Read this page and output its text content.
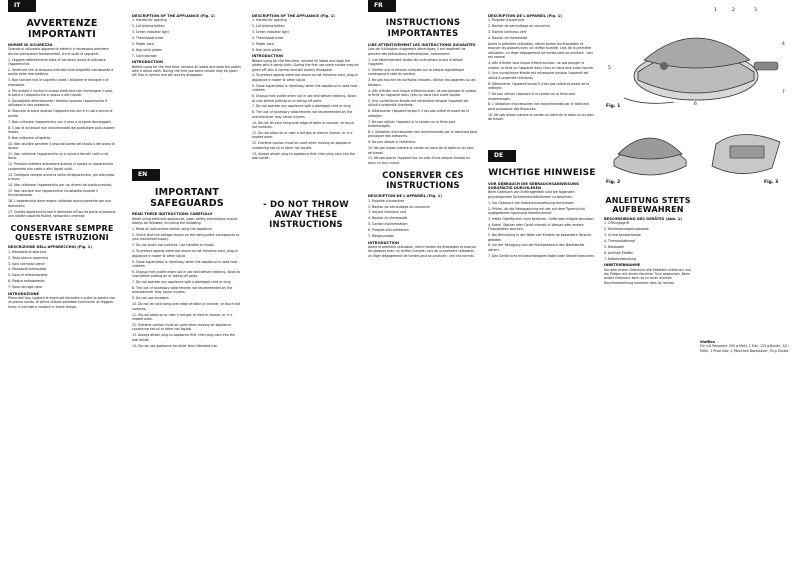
IT
AVVERTENZE IMPORTANTI
NORME DI SICUREZZA

Quando si utilizzano apparecchi elettrici è necessario prendere alcune precauzioni fondamentali, tra le quali le seguenti:

1. Leggere attentamente tutte le istruzioni prima di utilizzare l'apparecchio.

2. Verificare che la tensione indicata sulla targhetta corrisponda a quella della rete elettrica.

3. Non toccare mai le superfici calde. Utilizzare le maniglie o le manopole.

4. Per evitare il rischio di scosse elettriche non immergere il cavo, la spina o l'apparecchio in acqua o altri liquidi.

5. Sorvegliare attentamente i bambini quando l'apparecchio è utilizzato in loro presenza.

6. Staccare la spina quando l'apparecchio non è in uso e prima di pulirlo.

7. Non utilizzare l'apparecchio con il cavo o la spina danneggiati.

8. L'uso di accessori non raccomandati dal produttore può causare lesioni.

9. Non utilizzare all'aperto.

10. Non lasciare pendere il cavo dal bordo del tavolo o del piano di lavoro.

11. Non collocare l'apparecchio su o vicino a fornelli caldi o nel forno.

12. Prestare estrema attenzione quando si sposta un apparecchio contenente olio caldo o altri liquidi caldi.

13. Collegare sempre prima la spina all'apparecchio, poi alla presa a muro.

14. Non utilizzare l'apparecchio per usi diversi da quello previsto.

15. Non lasciare mai l'apparecchio incustodito durante il funzionamento.

16. L'apparecchio deve essere utilizzato esclusivamente per uso domestico.

17. Questo apparecchio non è destinato all'uso da parte di persone con ridotte capacità fisiche, sensoriali o mentali.

CONSERVARE SEMPRE QUESTE ISTRUZIONI
DESCRIZIONE DELL'APPARECCHIO (Fig. 1)

1. Manopola di apertura

2. Tasto blocco coperchio

3. Spia luminosa verde

4. Manopola termostato

5. Cavo di alimentazione

6. Piastra antiaderente

7. Vano raccogli cavo

INTRODUZIONE

Prima dell'uso, togliere le eventuali etichette e pulire le piastre con un panno umido. Al primo utilizzo potrebbe fuoriuscire un leggero fumo: è normale e cesserà in breve tempo.

DESCRIPTION OF THE APPLIANCE (Fig. 1)

1. Handle for opening

2. Lid locking button

3. Green indicator light

4. Thermostat knob

5. Power cord

6. Non-stick plates

7. Cord storage

INTRODUCTION

Before using for the first time, remove all labels and wipe the plates with a damp cloth. During the first use some smoke may be given off: this is normal and will quickly disappear.

EN
IMPORTANT SAFEGUARDS
READ THESE INSTRUCTIONS CAREFULLY

When using electrical appliances, basic safety precautions should always be followed, including the following:

1. Read all instructions before using the appliance.

2. Check that the voltage shown on the rating plate corresponds to your household supply.

3. Do not touch hot surfaces. Use handles or knobs.

4. To protect against electrical shock do not immerse cord, plug or appliance in water or other liquid.

5. Close supervision is necessary when the appliance is used near children.

6. Unplug from outlet when not in use and before cleaning. Allow to cool before putting on or taking off parts.

7. Do not operate any appliance with a damaged cord or plug.

8. The use of accessory attachments not recommended by the manufacturer may cause injuries.

9. Do not use outdoors.

10. Do not let cord hang over edge of table or counter, or touch hot surfaces.

11. Do not place on or near a hot gas or electric burner, or in a heated oven.

12. Extreme caution must be used when moving an appliance containing hot oil or other hot liquids.

13. Always attach plug to appliance first, then plug cord into the wall outlet.

14. Do not use appliance for other than intended use.

DESCRIPTION OF THE APPLIANCE (Fig. 1)

1. Handle for opening

2. Lid locking button

3. Green indicator light

4. Thermostat knob

5. Power cord

6. Non-stick plates

INTRODUCTION

Before using for the first time, remove all labels and wipe the plates with a damp cloth. During the first use some smoke may be given off: this is normal and will quickly disappear.

4. To protect against electrical shock do not immerse cord, plug or appliance in water or other liquid.

5. Close supervision is necessary when the appliance is used near children.

6. Unplug from outlet when not in use and before cleaning. Allow to cool before putting on or taking off parts.

7. Do not operate any appliance with a damaged cord or plug.

8. The use of accessory attachments not recommended by the manufacturer may cause injuries.

10. Do not let cord hang over edge of table or counter, or touch hot surfaces.

11. Do not place on or near a hot gas or electric burner, or in a heated oven.

12. Extreme caution must be used when moving an appliance containing hot oil or other hot liquids.

13. Always attach plug to appliance first, then plug cord into the wall outlet.

- DO NOT THROW AWAY THESE INSTRUCTIONS
FR
INSTRUCTIONS IMPORTANTES
LIRE ATTENTIVEMENT LES INSTRUCTIONS SUIVANTES

Lors de l'utilisation d'appareils électriques, il est impératif de prendre des précautions élémentaires, notamment :

1. Lire attentivement toutes les instructions avant d'utiliser l'appareil.

2. Vérifier que la tension indiquée sur la plaque signalétique correspond à celle du secteur.

3. Ne pas toucher les surfaces chaudes. Utiliser les poignées ou les boutons.

4. Afin d'éviter tout risque d'électrocution, ne pas plonger le cordon, la fiche ou l'appareil dans l'eau ou dans tout autre liquide.

5. Une surveillance étroite est nécessaire lorsque l'appareil est utilisé à proximité d'enfants.

6. Débrancher l'appareil lorsqu'il n'est pas utilisé et avant de le nettoyer.

7. Ne pas utiliser l'appareil si le cordon ou la fiche sont endommagés.

8. L'utilisation d'accessoires non recommandés par le fabricant peut provoquer des blessures.

9. Ne pas utiliser à l'extérieur.

10. Ne pas laisser pendre le cordon au bord de la table ou du plan de travail.

11. Ne pas placer l'appareil sur ou près d'une plaque chaude ou dans un four chaud.

CONSERVER CES INSTRUCTIONS
DESCRIPTION DE L'APPAREIL (Fig. 1)

1. Poignée d'ouverture

2. Bouton de verrouillage du couvercle

3. Voyant lumineux vert

4. Bouton du thermostat

5. Cordon d'alimentation

6. Plaques anti-adhésives

7. Range-cordon

INTRODUCTION

Avant la première utilisation, retirer toutes les étiquettes et essuyer les plaques avec un chiffon humide. Lors de la première utilisation, un léger dégagement de fumée peut se produire : ceci est normal.

DESCRIPTION DE L'APPAREIL (Fig. 1)

1. Poignée d'ouverture

2. Bouton de verrouillage du couvercle

3. Voyant lumineux vert

4. Bouton du thermostat

Avant la première utilisation, retirer toutes les étiquettes et essuyer les plaques avec un chiffon humide. Lors de la première utilisation, un léger dégagement de fumée peut se produire : ceci est normal.

4. Afin d'éviter tout risque d'électrocution, ne pas plonger le cordon, la fiche ou l'appareil dans l'eau ou dans tout autre liquide.

5. Une surveillance étroite est nécessaire lorsque l'appareil est utilisé à proximité d'enfants.

6. Débrancher l'appareil lorsqu'il n'est pas utilisé et avant de le nettoyer.

7. Ne pas utiliser l'appareil si le cordon ou la fiche sont endommagés.

8. L'utilisation d'accessoires non recommandés par le fabricant peut provoquer des blessures.

10. Ne pas laisser pendre le cordon au bord de la table ou du plan de travail.

DE
WICHTIGE HINWEISE
VOR GEBRAUCH DIE GEBRAUCHSANWEISUNG SORGFÄLTIG DURCHLESEN

Beim Gebrauch von Elektrogeräten sind die folgenden grundlegenden Sicherheitsmaßnahmen zu beachten:

1. Vor Gebrauch die Gebrauchsanweisung durchlesen.

2. Prüfen, ob die Netzspannung mit der auf dem Typenschild angegebenen Spannung übereinstimmt.

3. Heiße Oberflächen nicht berühren. Griffe oder Knöpfe benutzen.

4. Kabel, Stecker oder Gerät niemals in Wasser oder andere Flüssigkeiten tauchen.

5. Bei Benutzung in der Nähe von Kindern ist besondere Vorsicht geboten.

6. Vor der Reinigung und bei Nichtgebrauch den Netzstecker ziehen.

7. Das Gerät nicht mit beschädigtem Kabel oder Stecker benutzen.

ANLEITUNG STETS AUFBEWAHREN
BESCHREIBUNG DES GERÄTES (Abb. 1)

1. Öffnungsgriff

2. Deckelverriegelungstaste

3. Grüne Kontrolllampe

4. Thermostatknopf

5. Netzkabel

6. Antihaft-Platten

7. Kabelaufwicklung

INBETRIEBNAHME

Vor dem ersten Gebrauch alle Etiketten entfernen und die Platten mit einem feuchten Tuch abwischen. Beim ersten Gebrauch kann es zu einer leichten Rauchentwicklung kommen: dies ist normal.

Waffles

Für 4-6 Personen: 250 g Mehl, 2 Eier, 125 g Butter, 1/2 l Milch, 1 Prise Salz, 1 Päckchen Backpulver, 50 g Zucker.

Fig. 1
1	2	3
4
5
6
7
Fig. 2	Fig. 3
